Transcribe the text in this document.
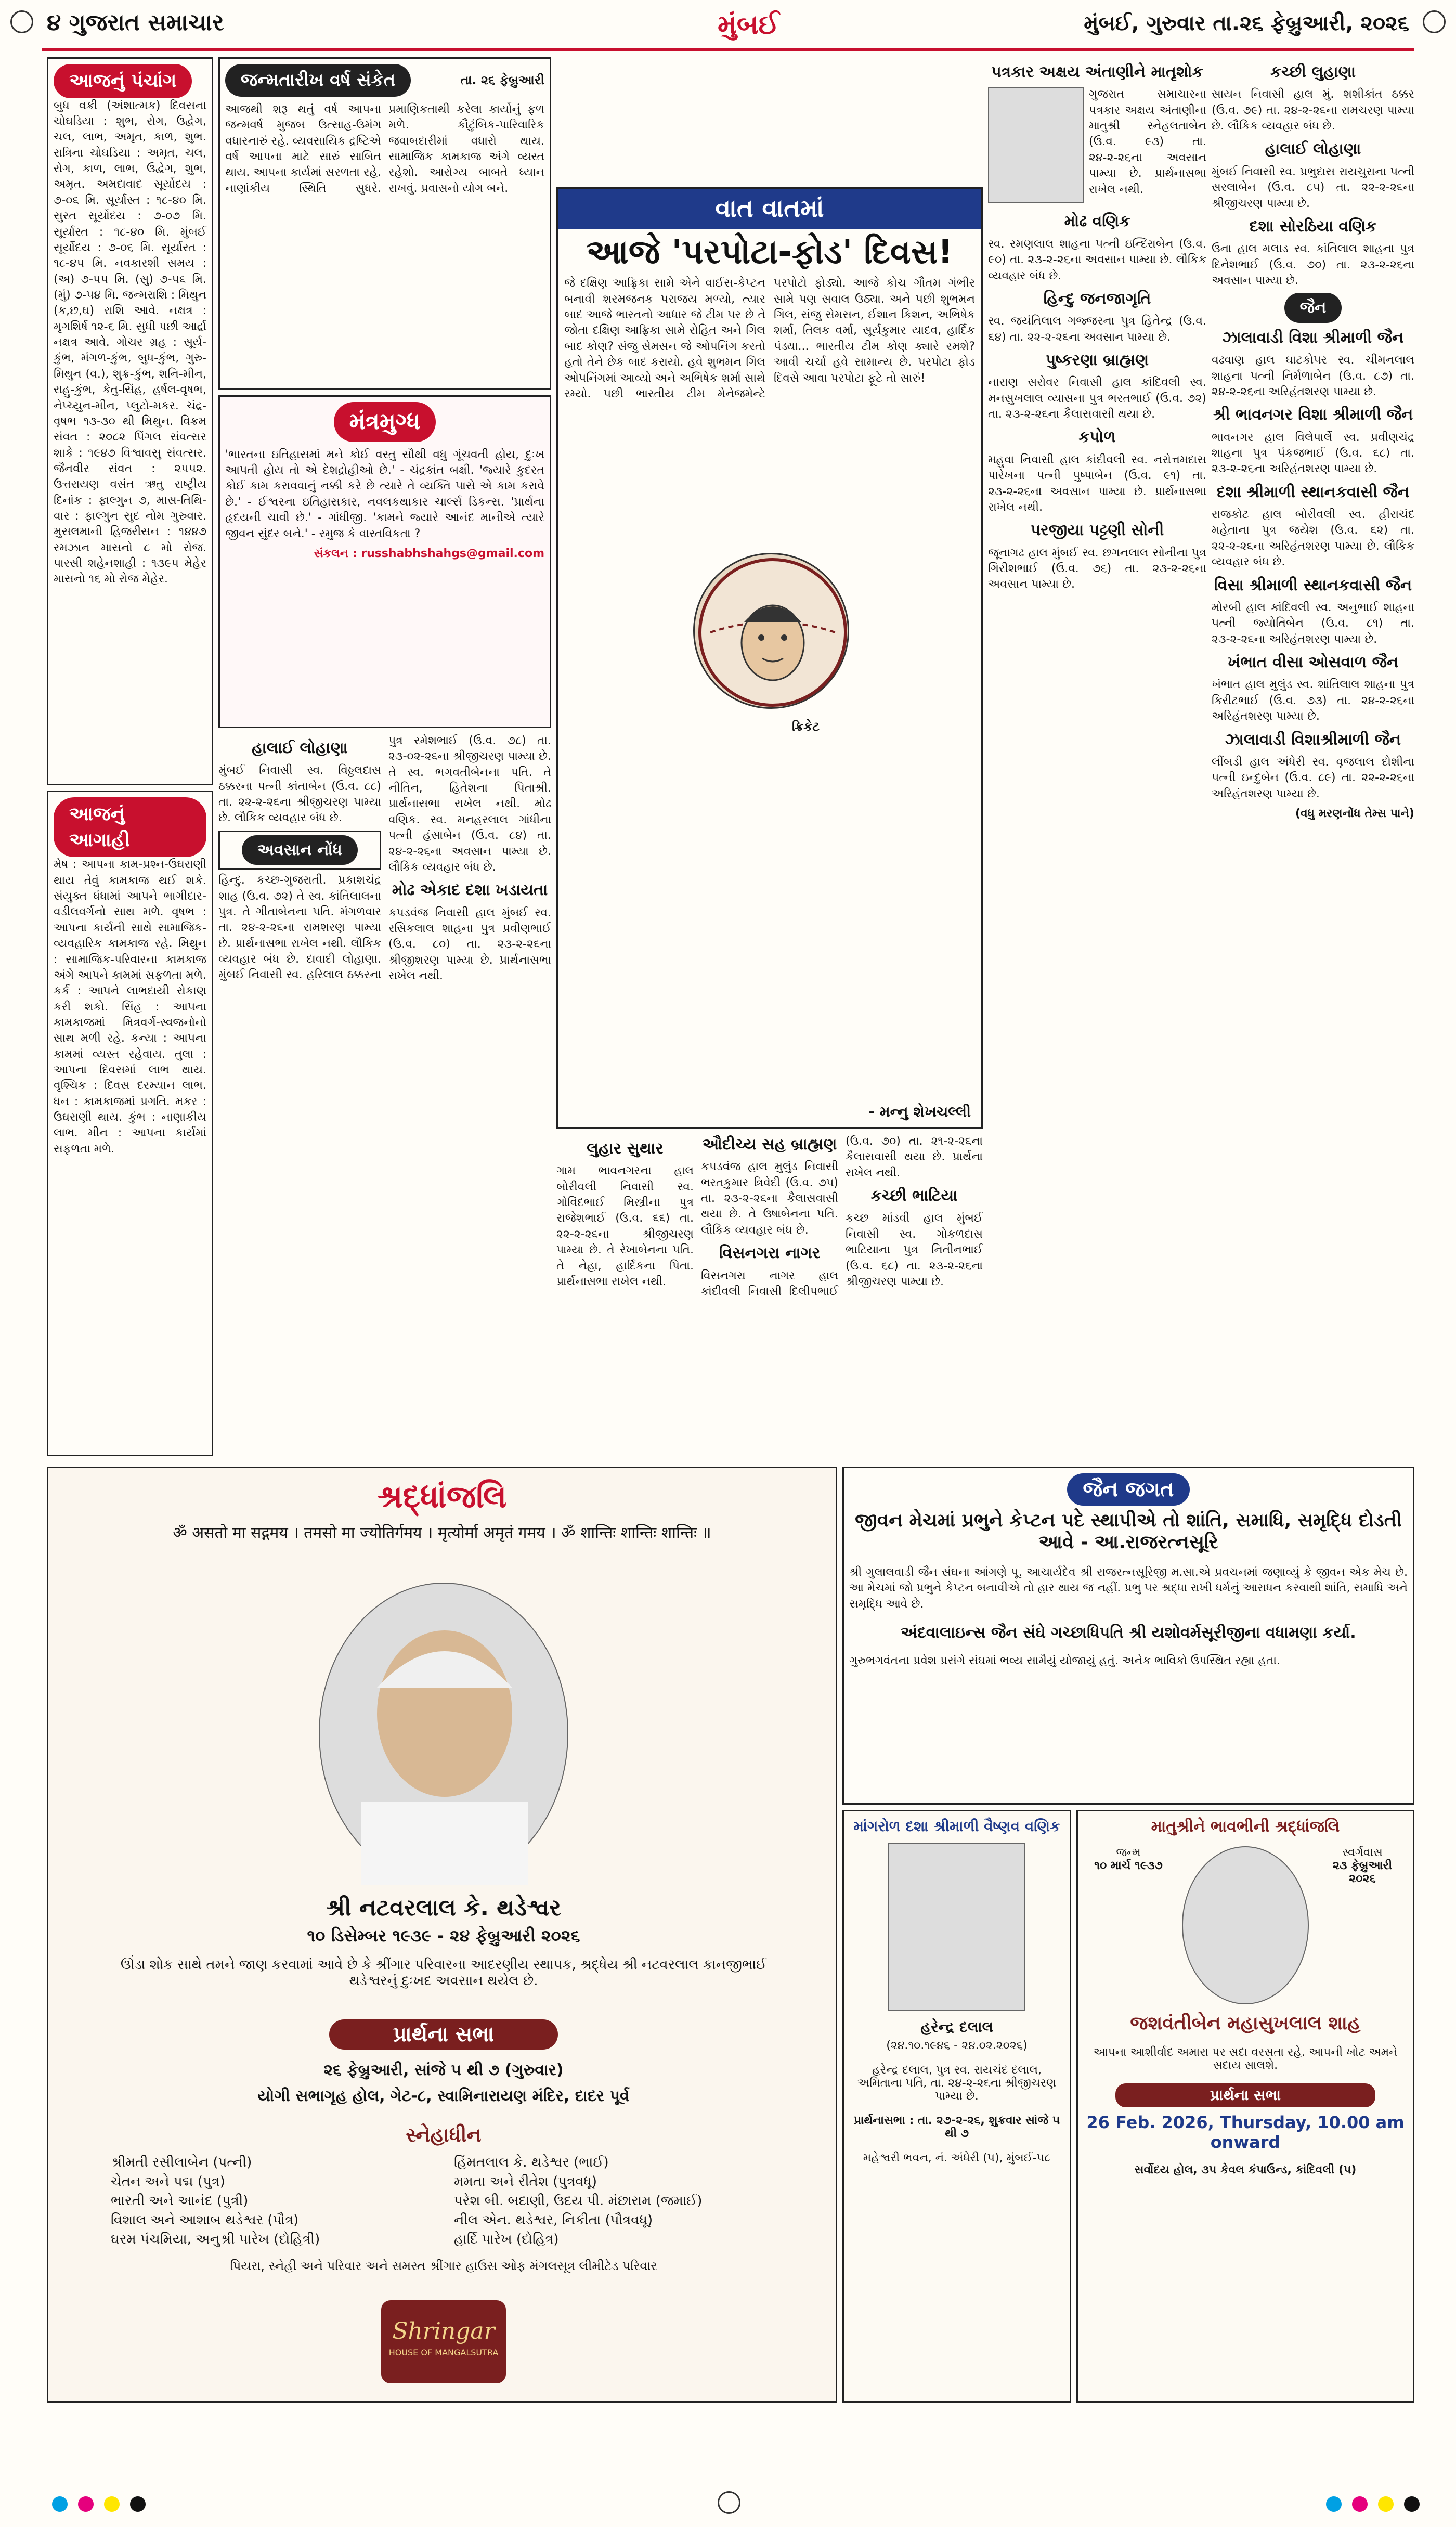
૪ ગુજરાત સમાચાર	મુંબઈ	મુંબઈ, ગુરુવાર તા.૨૬ ફેબ્રુઆરી, ૨૦૨૬
આજનું પંચાંગ

બુધ વક્રી (અંશાત્મક) દિવસના ચોઘડિયા : શુભ, રોગ, ઉદ્વેગ, ચલ, લાભ, અમૃત, કાળ, શુભ. રાત્રિના ચોઘડિયા : અમૃત, ચલ, રોગ, કાળ, લાભ, ઉદ્વેગ, શુભ, અમૃત. અમદાવાદ સૂર્યોદય : ૭-૦૬ મિ. સૂર્યાસ્ત : ૧૮-૪૦ મિ. સુરત સૂર્યોદય : ૭-૦૭ મિ. સૂર્યાસ્ત : ૧૮-૪૦ મિ. મુંબઈ સૂર્યોદય : ૭-૦૬ મિ. સૂર્યાસ્ત : ૧૮-૪૫ મિ. નવકારશી સમય : (અ) ૭-૫૫ મિ. (સુ) ૭-૫૬ મિ. (મું) ૭-૫૪ મિ. જન્મરાશિ : મિથુન (ક,છ,ઘ) રાશિ આવે. નક્ષત્ર : મૃગશિર્ષ ૧૨-૬ મિ. સુધી પછી આર્દ્રા નક્ષત્ર આવે. ગોચર ગ્રહ : સૂર્ય-કુંભ, મંગળ-કુંભ, બુધ-કુંભ, ગુરુ-મિથુન (વ.), શુક્ર-કુંભ, શનિ-મીન, રાહુ-કુંભ, કેતુ-સિંહ, હર્ષલ-વૃષભ, નેપ્ચ્યુન-મીન, પ્લુટો-મકર. ચંદ્ર-વૃષભ ૧૩-૩૦ થી મિથુન. વિક્રમ સંવત : ૨૦૮૨ પિંગલ સંવત્સર શાકે : ૧૯૪૭ વિશ્વાવસુ સંવત્સર. જૈનવીર સંવત : ૨૫૫૨. ઉત્તરાયણ વસંત ઋતુ રાષ્ટ્રીય દિનાંક : ફાલ્ગુન ૭, માસ-તિથિ-વાર : ફાલ્ગુન સુદ નોમ ગુરુવાર. મુસલમાની હિજરીસન : ૧૪૪૭ રમઝાન માસનો ૮ મો રોજ. પારસી શહેનશાહી : ૧૩૯૫ મેહેર માસનો ૧૬ મો રોજ મેહેર.

આજનું આગાહી

મેષ : આપના કામ-પ્રશ્ન-ઉઘરાણી થાય તેવું કામકાજ થઈ શકે. સંયુક્ત ધંધામાં આપને ભાગીદાર-વડીલવર્ગનો સાથ મળે. વૃષભ : આપના કાર્યની સાથે સામાજિક-વ્યવહારિક કામકાજ રહે. મિથુન : સામાજિક-પરિવારના કામકાજ અંગે આપને કામમાં સફળતા મળે. કર્ક : આપને લાભદાયી રોકાણ કરી શકો. સિંહ : આપના કામકાજમાં મિત્રવર્ગ-સ્વજનોનો સાથ મળી રહે. કન્યા : આપના કામમાં વ્યસ્ત રહેવાય. તુલા : આપના દિવસમાં લાભ થાય. વૃશ્ચિક : દિવસ દરમ્યાન લાભ. ધન : કામકાજમાં પ્રગતિ. મકર : ઉઘરાણી થાય. કુંભ : નાણાકીય લાભ. મીન : આપના કાર્યમાં સફળતા મળે.

જન્મતારીખ વર્ષ સંકેત	તા. ૨૬ ફેબ્રુઆરી

આજથી શરૂ થતું વર્ષ આપના જન્મવર્ષ મુજબ ઉત્સાહ-ઉમંગ વધારનારું રહે. વ્યવસાયિક દ્રષ્ટિએ વર્ષ આપના માટે સારું સાબિત થાય. આપના કાર્યમાં સરળતા રહે. નાણાંકીય સ્થિતિ સુધરે. પ્રમાણિકતાથી કરેલા કાર્યોનું ફળ મળે. કૌટુંબિક-પારિવારિક જવાબદારીમાં વધારો થાય. સામાજિક કામકાજ અંગે વ્યસ્ત રહેશો. આરોગ્ય બાબતે ધ્યાન રાખવું. પ્રવાસનો યોગ બને.

મંત્રમુગ્ધ

'ભારતના ઇતિહાસમાં મને કોઈ વસ્તુ સૌથી વધુ ગૂંચવતી હોય, દુઃખ આપતી હોય તો એ દેશદ્રોહીઓ છે.' - ચંદ્રકાંત બક્ષી. 'જ્યારે કુદરત કોઈ કામ કરાવવાનું નક્કી કરે છે ત્યારે તે વ્યક્તિ પાસે એ કામ કરાવે છે.' - ઈશ્વરના ઇતિહાસકાર, નવલકથાકાર ચાર્લ્સ ડિકન્સ. 'પ્રાર્થના હૃદયની ચાવી છે.' - ગાંધીજી. 'કામને જ્યારે આનંદ માનીએ ત્યારે જીવન સુંદર બને.' - રમુજ કે વાસ્તવિકતા ?

સંકલન : russhabhshahgs@gmail.com

હાલાઈ લોહાણા

મુંબઈ નિવાસી સ્વ. વિઠ્ઠલદાસ ઠક્કરના પત્ની કાંતાબેન (ઉ.વ. ૮૮) તા. ૨૨-૨-૨૬ના શ્રીજીચરણ પામ્યા છે. લૌકિક વ્યવહાર બંધ છે.

અવસાન નોંધ

હિન્દુ. કચ્છ-ગુજરાતી. પ્રકાશચંદ્ર શાહ (ઉ.વ. ૭૨) તે સ્વ. કાંતિલાલના પુત્ર. તે ગીતાબેનના પતિ. મંગળવાર તા. ૨૪-૨-૨૬ના રામશરણ પામ્યા છે. પ્રાર્થનાસભા રાખેલ નથી. લૌકિક વ્યવહાર બંધ છે. દાવાદી લોહાણા. મુંબઈ નિવાસી સ્વ. હરિલાલ ઠક્કરના પુત્ર રમેશભાઈ (ઉ.વ. ૭૮) તા. ૨૩-૦૨-૨૬ના શ્રીજીચરણ પામ્યા છે. તે સ્વ. ભગવતીબેનના પતિ. તે નીતિન, હિતેશના પિતાશ્રી. પ્રાર્થનાસભા રાખેલ નથી. મોઢ વણિક. સ્વ. મનહરલાલ ગાંધીના પત્ની હંસાબેન (ઉ.વ. ૮૪) તા. ૨૪-૨-૨૬ના અવસાન પામ્યા છે. લૌકિક વ્યવહાર બંધ છે.

મોઢ એકાદ દશા ખડાયતા

કપડવંજ નિવાસી હાલ મુંબઈ સ્વ. રસિકલાલ શાહના પુત્ર પ્રવીણભાઈ (ઉ.વ. ૮૦) તા. ૨૩-૨-૨૬ના શ્રીજીશરણ પામ્યા છે. પ્રાર્થનાસભા રાખેલ નથી.

વાત વાતમાં
આજે 'પરપોટા-ફોડ' દિવસ!

જે દક્ષિણ આફ્રિકા સામે એને વાઈસ-કેપ્ટન બનાવી શરમજનક પરાજય મળ્યો, ત્યાર બાદ આજે ભારતનો આધાર જે ટીમ પર છે તે જોતા દક્ષિણ આફ્રિકા સામે રોહિત અને ગિલ બાદ કોણ? સંજુ સેમસન જે ઓપનિંગ કરતો હતો તેને છેક બાદ કરાયો. હવે શુભમન ગિલ ઓપનિંગમાં આવ્યો અને અભિષેક શર્મા સાથે રમ્યો. પછી ભારતીય ટીમ મેનેજમેન્ટે પરપોટો ફોડ્યો. આજે કોચ ગૌતમ ગંભીર સામે પણ સવાલ ઉઠ્યા. અને પછી શુભમન ગિલ, સંજુ સેમસન, ઈશાન કિશન, અભિષેક શર્મા, તિલક વર્મા, સૂર્યકુમાર યાદવ, હાર્દિક પંડ્યા... ભારતીય ટીમ કોણ ક્યારે રમશે? આવી ચર્ચા હવે સામાન્ય છે. પરપોટા ફોડ દિવસે આવા પરપોટા ફૂટે તો સારું!

ક્રિકેટ
- મન્નુ શેખચલ્લી
લુહાર સુથાર

ગામ ભાવનગરના હાલ બોરીવલી નિવાસી સ્વ. ગોવિંદભાઈ મિસ્ત્રીના પુત્ર રાજેશભાઈ (ઉ.વ. ૬૬) તા. ૨૨-૨-૨૬ના શ્રીજીચરણ પામ્યા છે. તે રેખાબેનના પતિ. તે નેહા, હાર્દિકના પિતા. પ્રાર્થનાસભા રાખેલ નથી.

ઔદીચ્ય સહ બ્રાહ્મણ

કપડવંજ હાલ મુલુંડ નિવાસી ભરતકુમાર ત્રિવેદી (ઉ.વ. ૭૫) તા. ૨૩-૨-૨૬ના કૈલાસવાસી થયા છે. તે ઉષાબેનના પતિ. લૌકિક વ્યવહાર બંધ છે.

વિસનગરા નાગર

વિસનગરા નાગર હાલ કાંદીવલી નિવાસી દિલીપભાઈ (ઉ.વ. ૭૦) તા. ૨૧-૨-૨૬ના કૈલાસવાસી થયા છે. પ્રાર્થના રાખેલ નથી.

કચ્છી ભાટિયા

કચ્છ માંડવી હાલ મુંબઈ નિવાસી સ્વ. ગોકળદાસ ભાટિયાના પુત્ર નિતીનભાઈ (ઉ.વ. ૬૮) તા. ૨૩-૨-૨૬ના શ્રીજીચરણ પામ્યા છે.

પત્રકાર અક્ષય અંતાણીને માતૃશોક

ગુજરાત સમાચારના પત્રકાર અક્ષય અંતાણીના માતુશ્રી સ્નેહલતાબેન (ઉ.વ. ૯૩) તા. ૨૪-૨-૨૬ના અવસાન પામ્યા છે. પ્રાર્થનાસભા રાખેલ નથી.

મોઢ વણિક

સ્વ. રમણલાલ શાહના પત્ની ઇન્દિરાબેન (ઉ.વ. ૯૦) તા. ૨૩-૨-૨૬ના અવસાન પામ્યા છે. લૌકિક વ્યવહાર બંધ છે.

હિન્દુ જનજાગૃતિ

સ્વ. જયંતિલાલ ગજ્જરના પુત્ર હિતેન્દ્ર (ઉ.વ. ૬૪) તા. ૨૨-૨-૨૬ના અવસાન પામ્યા છે.

પુષ્કરણા બ્રાહ્મણ

નારાણ સરોવર નિવાસી હાલ કાંદિવલી સ્વ. મનસુખલાલ વ્યાસના પુત્ર ભરતભાઈ (ઉ.વ. ૭૨) તા. ૨૩-૨-૨૬ના કૈલાસવાસી થયા છે.

કપોળ

મહુવા નિવાસી હાલ કાંદીવલી સ્વ. નરોત્તમદાસ પારેખના પત્ની પુષ્પાબેન (ઉ.વ. ૯૧) તા. ૨૩-૨-૨૬ના અવસાન પામ્યા છે. પ્રાર્થનાસભા રાખેલ નથી.

પરજીયા પટ્ટણી સોની

જૂનાગઢ હાલ મુંબઈ સ્વ. છગનલાલ સોનીના પુત્ર ગિરીશભાઈ (ઉ.વ. ૭૬) તા. ૨૩-૨-૨૬ના અવસાન પામ્યા છે.

કચ્છી લુહાણા

સાયન નિવાસી હાલ મું. શશીકાંત ઠક્કર (ઉ.વ. ૭૯) તા. ૨૪-૨-૨૬ના રામચરણ પામ્યા છે. લૌકિક વ્યવહાર બંધ છે.

હાલાઈ લોહાણા

મુંબઈ નિવાસી સ્વ. પ્રભુદાસ રાયચુરાના પત્ની સરલાબેન (ઉ.વ. ૮૫) તા. ૨૨-૨-૨૬ના શ્રીજીચરણ પામ્યા છે.

દશા સોરઠિયા વણિક

ઉના હાલ મલાડ સ્વ. કાંતિલાલ શાહના પુત્ર દિનેશભાઈ (ઉ.વ. ૭૦) તા. ૨૩-૨-૨૬ના અવસાન પામ્યા છે.

જૈન
ઝાલાવાડી વિશા શ્રીમાળી જૈન

વઢવાણ હાલ ઘાટકોપર સ્વ. ચીમનલાલ શાહના પત્ની નિર્મળાબેન (ઉ.વ. ૮૭) તા. ૨૪-૨-૨૬ના અરિહંતશરણ પામ્યા છે.

શ્રી ભાવનગર વિશા શ્રીમાળી જૈન

ભાવનગર હાલ વિલેપાર્લે સ્વ. પ્રવીણચંદ્ર શાહના પુત્ર પંકજભાઈ (ઉ.વ. ૬૮) તા. ૨૩-૨-૨૬ના અરિહંતશરણ પામ્યા છે.

દશા શ્રીમાળી સ્થાનકવાસી જૈન

રાજકોટ હાલ બોરીવલી સ્વ. હીરાચંદ મહેતાના પુત્ર જયેશ (ઉ.વ. ૬૨) તા. ૨૨-૨-૨૬ના અરિહંતશરણ પામ્યા છે. લૌકિક વ્યવહાર બંધ છે.

વિસા શ્રીમાળી સ્થાનકવાસી જૈન

મોરબી હાલ કાંદિવલી સ્વ. અનુભાઈ શાહના પત્ની જ્યોતિબેન (ઉ.વ. ૮૧) તા. ૨૩-૨-૨૬ના અરિહંતશરણ પામ્યા છે.

ખંભાત વીસા ઓસવાળ જૈન

ખંભાત હાલ મુલુંડ સ્વ. શાંતિલાલ શાહના પુત્ર કિરીટભાઈ (ઉ.વ. ૭૩) તા. ૨૪-૨-૨૬ના અરિહંતશરણ પામ્યા છે.

ઝાલાવાડી વિશાશ્રીમાળી જૈન

લીંબડી હાલ અંધેરી સ્વ. વૃજલાલ દોશીના પત્ની ઇન્દુબેન (ઉ.વ. ૮૯) તા. ૨૨-૨-૨૬ના અરિહંતશરણ પામ્યા છે.

(વધુ મરણનોંધ તેમ્સ પાને)

શ્રદ્ધાંજલિ
ॐ असतो मा सद्गमय । तमसो मा ज्योतिर्गमय । मृत्योर्मा अमृतं गमय । ॐ शान्तिः शान्तिः शान्तिः ॥
શ્રી નટવરલાલ કે. થડેશ્વર
૧૦ ડિસેમ્બર ૧૯૩૯ - ૨૪ ફેબ્રુઆરી ૨૦૨૬
ઊંડા શોક સાથે તમને જાણ કરવામાં આવે છે કે શ્રીંગાર પરિવારના આદરણીય સ્થાપક, શ્રદ્ધેય શ્રી નટવરલાલ કાનજીભાઈ થડેશ્વરનું દુઃખદ અવસાન થયેલ છે.
પ્રાર્થના સભા
૨૬ ફેબ્રુઆરી, સાંજે ૫ થી ૭ (ગુરુવાર)
યોગી સભાગૃહ હોલ, ગેટ-૮, સ્વામિનારાયણ મંદિર, દાદર પૂર્વ
સ્નેહાધીન
શ્રીમતી રસીલાબેન (પત્ની)	હિંમતલાલ કે. થડેશ્વર (ભાઈ)
ચેતન અને પદ્મ (પુત્ર)	મમતા અને રીતેશ (પુત્રવધૂ)
ભારતી અને આનંદ (પુત્રી)	પરેશ બી. બદાણી, ઉદય પી. મંછારામ (જમાઈ)
વિશાલ અને આશાબ થડેશ્વર (પૌત્ર)	નીલ એન. થડેશ્વર, નિકીતા (પૌત્રવધૂ)
ઘરમ પંચમિયા, અનુશ્રી પારેખ (દોહિત્રી)	હાર્દિ પારેખ (દોહિત્ર)
પિયરા, સ્નેહી અને પરિવાર અને સમસ્ત શ્રીંગાર હાઉસ ઓફ મંગલસૂત્ર લીમીટેડ પરિવાર
Shringar
HOUSE OF MANGALSUTRA
માંગરોળ દશા શ્રીમાળી વૈષ્ણવ વણિક
હરેન્દ્ર દલાલ
(૨૪.૧૦.૧૯૪૬ - ૨૪.૦૨.૨૦૨૬)

હરેન્દ્ર દલાલ, પુત્ર સ્વ. રાયચંદ દલાલ, અમિતાના પતિ, તા. ૨૪-૨-૨૬ના શ્રીજીચરણ પામ્યા છે.

પ્રાર્થનાસભા : તા. ૨૭-૨-૨૬, શુક્રવાર સાંજે ૫ થી ૭

મહેશ્વરી ભવન, નં. અંધેરી (પ), મુંબઈ-૫૮

માતુશ્રીને ભાવભીની શ્રદ્ધાંજલિ
જન્મ
૧૦ માર્ચ ૧૯૩૭
સ્વર્ગવાસ
૨૩ ફેબ્રુઆરી ૨૦૨૬
જશવંતીબેન મહાસુખલાલ શાહ

આપના આશીર્વાદ અમારા પર સદા વરસતા રહે. આપની ખોટ અમને સદાય સાલશે.

પ્રાર્થના સભા
26 Feb. 2026, Thursday, 10.00 am onward

સર્વોદય હોલ, ૩૫ કેવલ કંપાઉન્ડ, કાંદિવલી (પ)

જૈન જગત
જીવન મેચમાં પ્રભુને કેપ્ટન પદે સ્થાપીએ તો શાંતિ, સમાધિ, સમૃદ્ધિ દોડતી આવે - આ.રાજરત્નસૂરિ

શ્રી ગુલાલવાડી જૈન સંઘના આંગણે પૂ. આચાર્યદેવ શ્રી રાજરત્નસૂરિજી મ.સા.એ પ્રવચનમાં જણાવ્યું કે જીવન એક મેચ છે. આ મેચમાં જો પ્રભુને કેપ્ટન બનાવીએ તો હાર થાય જ નહીં. પ્રભુ પર શ્રદ્ધા રાખી ધર્મનું આરાધન કરવાથી શાંતિ, સમાધિ અને સમૃદ્ધિ આવે છે.

અંદવાલાઇન્સ જૈન સંઘે ગચ્છાધિપતિ શ્રી યશોવર્મસૂરીજીના વધામણા કર્યા.

ગુરુભગવંતના પ્રવેશ પ્રસંગે સંઘમાં ભવ્ય સામૈયું યોજાયું હતું. અનેક ભાવિકો ઉપસ્થિત રહ્યા હતા.
